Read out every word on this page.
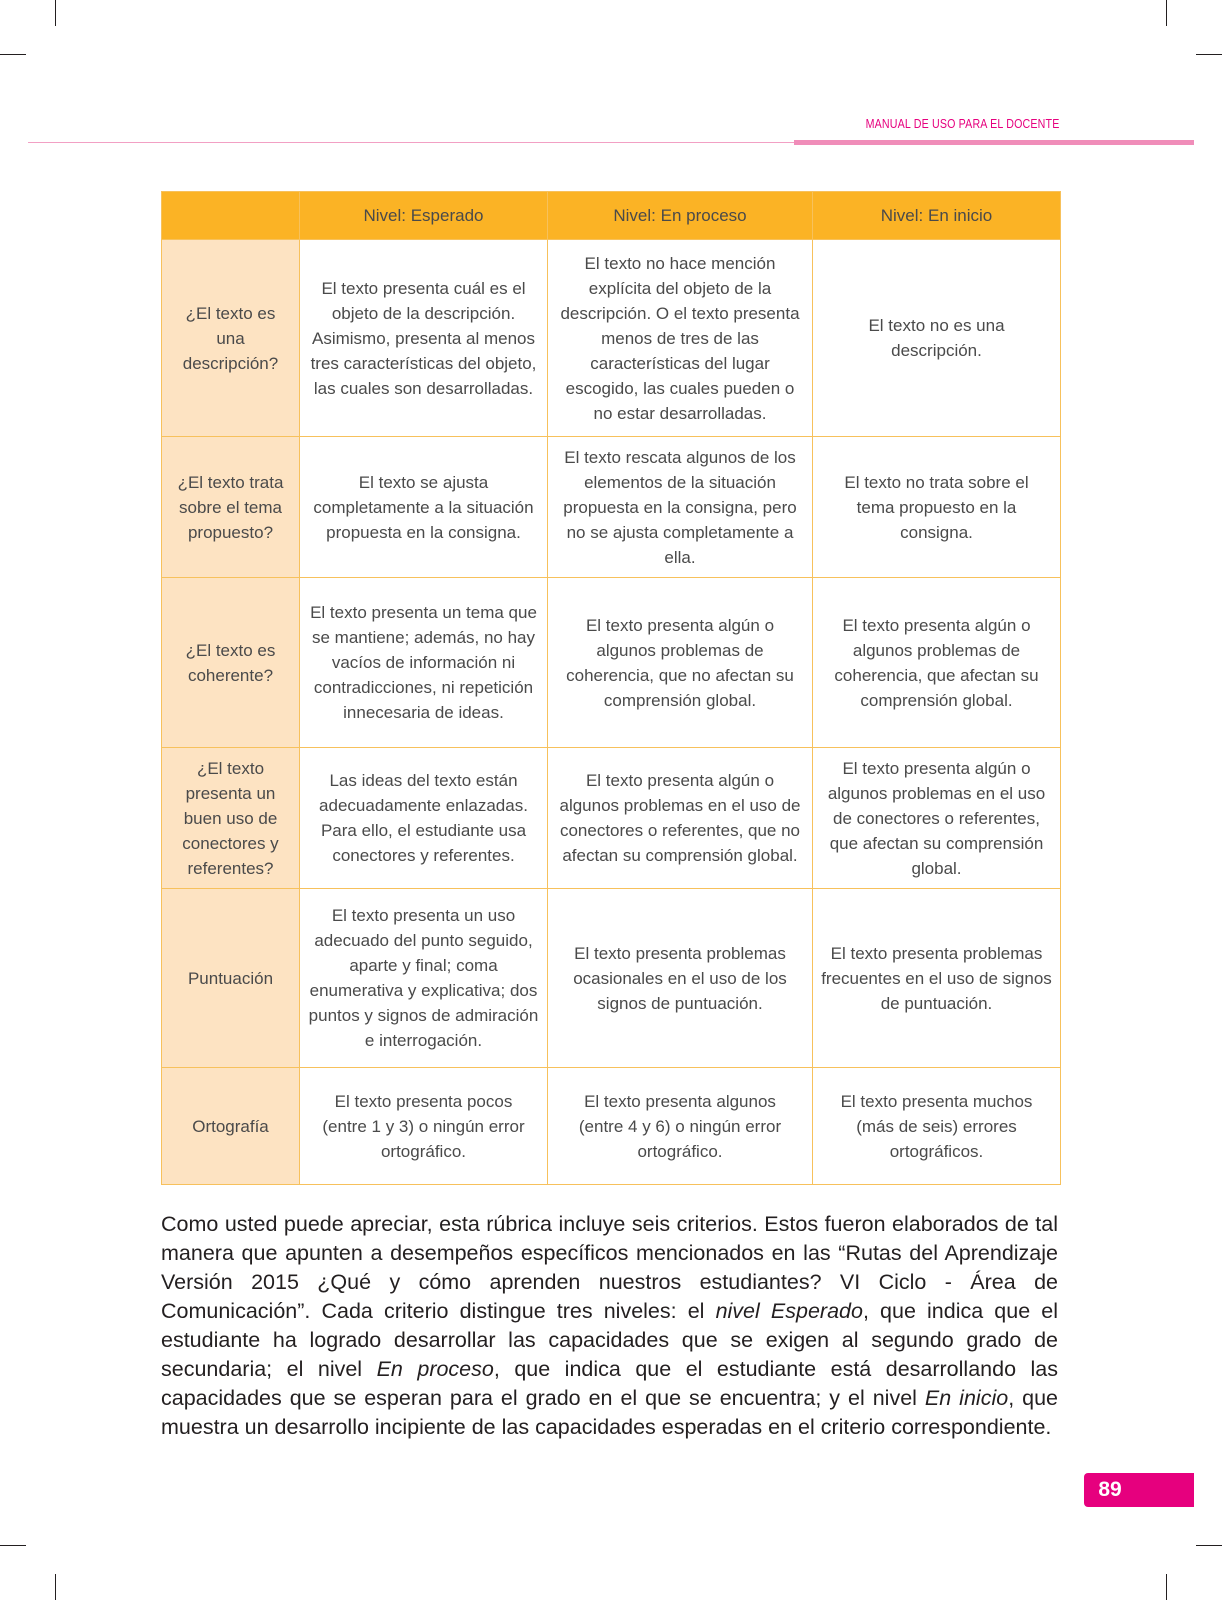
MANUAL DE USO PARA EL DOCENTE
	Nivel: Esperado	Nivel: En proceso	Nivel: En inicio
¿El texto es una descripción?	El texto presenta cuál es el objeto de la descripción. Asimismo, presenta al menos tres características del objeto, las cuales son desarrolladas.	El texto no hace mención explícita del objeto de la descripción. O el texto presenta menos de tres de las características del lugar escogido, las cuales pueden o no estar desarrolladas.	El texto no es una descripción.
¿El texto trata sobre el tema propuesto?	El texto se ajusta completamente a la situación propuesta en la consigna.	El texto rescata algunos de los elementos de la situación propuesta en la consigna, pero no se ajusta completamente a ella.	El texto no trata sobre el tema propuesto en la consigna.
¿El texto es coherente?	El texto presenta un tema que se mantiene; además, no hay vacíos de información ni contradicciones, ni repetición innecesaria de ideas.	El texto presenta algún o algunos problemas de coherencia, que no afectan su comprensión global.	El texto presenta algún o algunos problemas de coherencia, que afectan su comprensión global.
¿El texto presenta un buen uso de conectores y referentes?	Las ideas del texto están adecuadamente enlazadas. Para ello, el estudiante usa conectores y referentes.	El texto presenta algún o algunos problemas en el uso de conectores o referentes, que no afectan su comprensión global.	El texto presenta algún o algunos problemas en el uso de conectores o referentes, que afectan su comprensión global.
Puntuación	El texto presenta un uso adecuado del punto seguido, aparte y final; coma enumerativa y explicativa; dos puntos y signos de admiración e interrogación.	El texto presenta problemas ocasionales en el uso de los signos de puntuación.	El texto presenta problemas frecuentes en el uso de signos de puntuación.
Ortografía	El texto presenta pocos (entre 1 y 3) o ningún error ortográfico.	El texto presenta algunos (entre 4 y 6) o ningún error ortográfico.	El texto presenta muchos (más de seis) errores ortográficos.

Como usted puede apreciar, esta rúbrica incluye seis criterios. Estos fueron elaborados de tal manera que apunten a desempeños específicos mencionados en las “Rutas del Aprendizaje Versión 2015 ¿Qué y cómo aprenden nuestros estudiantes? VI Ciclo - Área de Comunicación”. Cada criterio distingue tres niveles: el nivel Esperado, que indica que el estudiante ha logrado desarrollar las capacidades que se exigen al segundo grado de secundaria; el nivel En proceso, que indica que el estudiante está desarrollando las capacidades que se esperan para el grado en el que se encuentra; y el nivel En inicio, que muestra un desarrollo incipiente de las capacidades esperadas en el criterio correspondiente.

89
